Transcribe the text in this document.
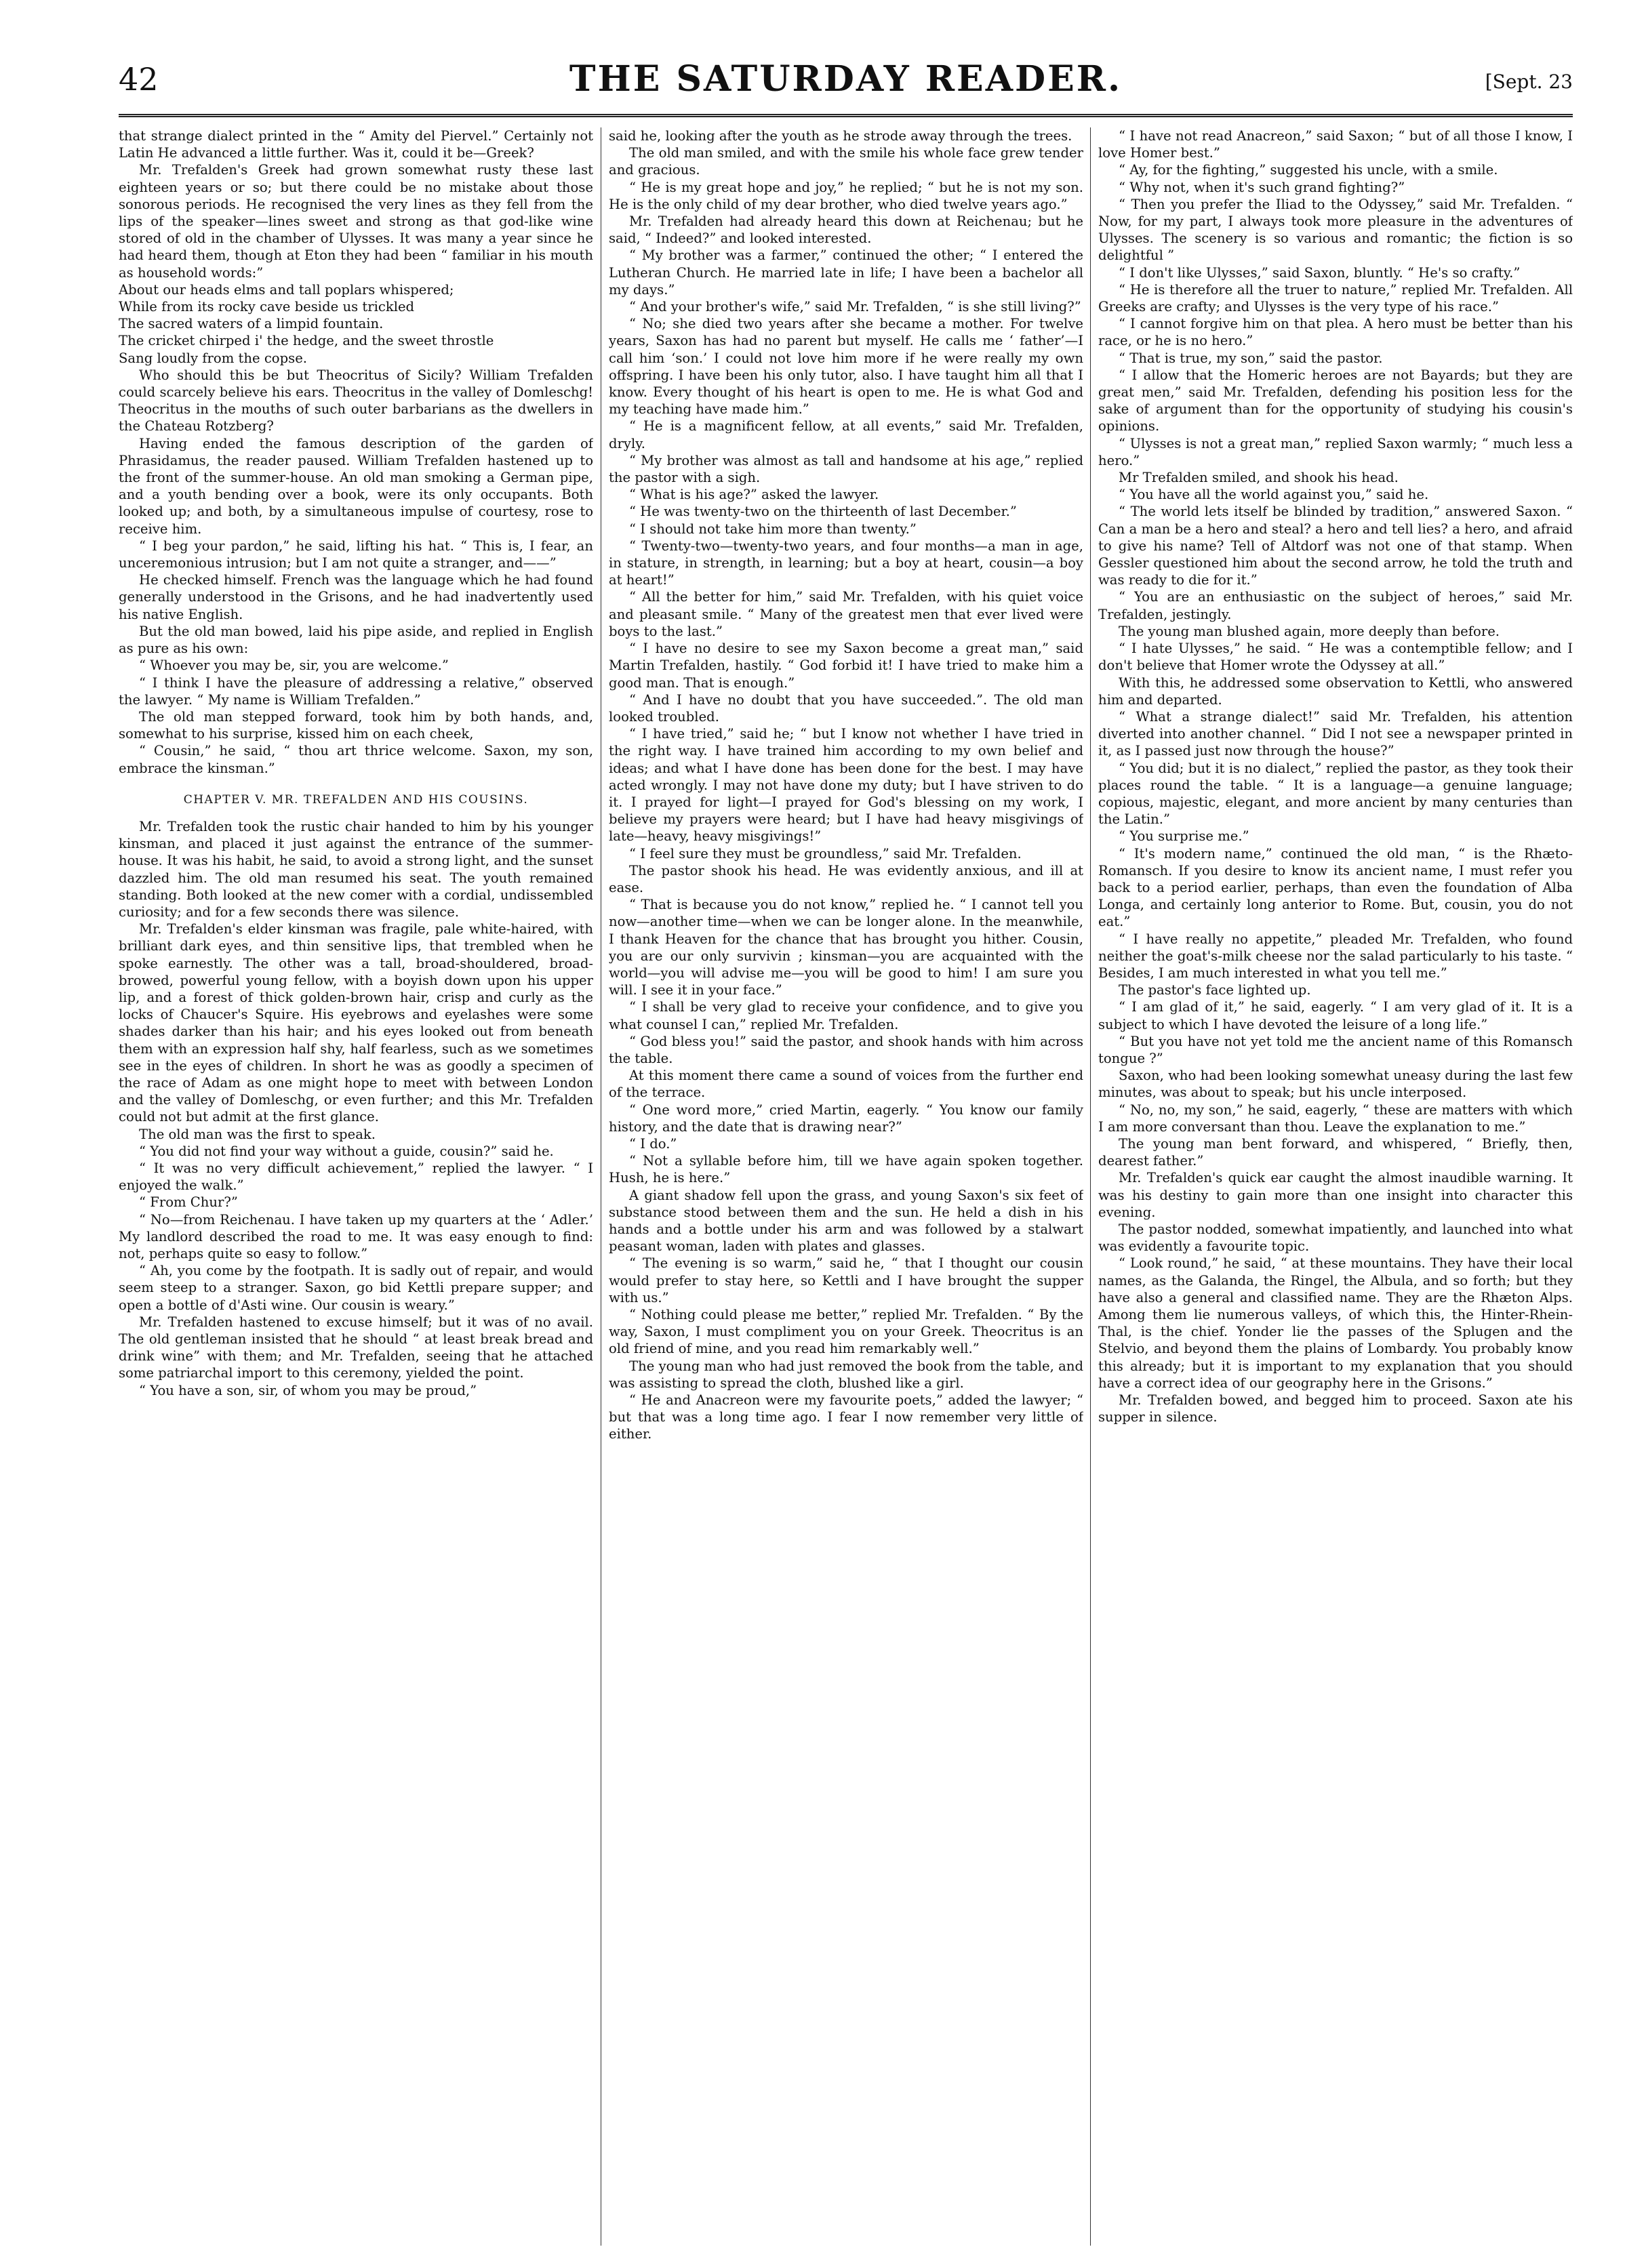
42	THE SATURDAY READER.	[Sept. 23

that strange dialect printed in the “ Amity del Piervel.” Certainly not Latin He advanced a little further. Was it, could it be—Greek?

Mr. Trefalden's Greek had grown somewhat rusty these last eighteen years or so; but there could be no mistake about those sonorous periods. He recognised the very lines as they fell from the lips of the speaker—lines sweet and strong as that god-like wine stored of old in the chamber of Ulysses. It was many a year since he had heard them, though at Eton they had been “ familiar in his mouth as household words:”

About our heads elms and tall poplars whispered;

While from its rocky cave beside us trickled

The sacred waters of a limpid fountain.

The cricket chirped i' the hedge, and the sweet throstle

Sang loudly from the copse.

Who should this be but Theocritus of Sicily? William Trefalden could scarcely believe his ears. Theocritus in the valley of Domleschg! Theocritus in the mouths of such outer barbarians as the dwellers in the Chateau Rotzberg?

Having ended the famous description of the garden of Phrasidamus, the reader paused. William Trefalden hastened up to the front of the summer-house. An old man smoking a German pipe, and a youth bending over a book, were its only occupants. Both looked up; and both, by a simultaneous impulse of courtesy, rose to receive him.

“ I beg your pardon,” he said, lifting his hat. “ This is, I fear, an unceremonious intrusion; but I am not quite a stranger, and——”

He checked himself. French was the language which he had found generally understood in the Grisons, and he had inadvertently used his native English.

But the old man bowed, laid his pipe aside, and replied in English as pure as his own:

“ Whoever you may be, sir, you are welcome.”

“ I think I have the pleasure of addressing a relative,” observed the lawyer. “ My name is William Trefalden.”

The old man stepped forward, took him by both hands, and, somewhat to his surprise, kissed him on each cheek,

“ Cousin,” he said, “ thou art thrice welcome. Saxon, my son, embrace the kinsman.”

CHAPTER V. MR. TREFALDEN AND HIS COUSINS.

Mr. Trefalden took the rustic chair handed to him by his younger kinsman, and placed it just against the entrance of the summer-house. It was his habit, he said, to avoid a strong light, and the sunset dazzled him. The old man resumed his seat. The youth remained standing. Both looked at the new comer with a cordial, undissembled curiosity; and for a few seconds there was silence.

Mr. Trefalden's elder kinsman was fragile, pale white-haired, with brilliant dark eyes, and thin sensitive lips, that trembled when he spoke earnestly. The other was a tall, broad-shouldered, broad-browed, powerful young fellow, with a boyish down upon his upper lip, and a forest of thick golden-brown hair, crisp and curly as the locks of Chaucer's Squire. His eyebrows and eyelashes were some shades darker than his hair; and his eyes looked out from beneath them with an expression half shy, half fearless, such as we sometimes see in the eyes of children. In short he was as goodly a specimen of the race of Adam as one might hope to meet with between London and the valley of Domleschg, or even further; and this Mr. Trefalden could not but admit at the first glance.

The old man was the first to speak.

“ You did not find your way without a guide, cousin?” said he.

“ It was no very difficult achievement,” replied the lawyer. “ I enjoyed the walk.”

“ From Chur?”

“ No—from Reichenau. I have taken up my quarters at the ‘ Adler.’ My landlord described the road to me. It was easy enough to find: not, perhaps quite so easy to follow.”

“ Ah, you come by the footpath. It is sadly out of repair, and would seem steep to a stranger. Saxon, go bid Kettli prepare supper; and open a bottle of d'Asti wine. Our cousin is weary.”

Mr. Trefalden hastened to excuse himself; but it was of no avail. The old gentleman insisted that he should “ at least break bread and drink wine” with them; and Mr. Trefalden, seeing that he attached some patriarchal import to this ceremony, yielded the point.

“ You have a son, sir, of whom you may be proud,”

said he, looking after the youth as he strode away through the trees.

The old man smiled, and with the smile his whole face grew tender and gracious.

“ He is my great hope and joy,” he replied; “ but he is not my son. He is the only child of my dear brother, who died twelve years ago.”

Mr. Trefalden had already heard this down at Reichenau; but he said, “ Indeed?” and looked interested.

“ My brother was a farmer,” continued the other; “ I entered the Lutheran Church. He married late in life; I have been a bachelor all my days.”

“ And your brother's wife,” said Mr. Trefalden, “ is she still living?”

“ No; she died two years after she became a mother. For twelve years, Saxon has had no parent but myself. He calls me ‘ father’—I call him ‘son.’ I could not love him more if he were really my own offspring. I have been his only tutor, also. I have taught him all that I know. Every thought of his heart is open to me. He is what God and my teaching have made him.”

“ He is a magnificent fellow, at all events,” said Mr. Trefalden, dryly.

“ My brother was almost as tall and handsome at his age,” replied the pastor with a sigh.

“ What is his age?” asked the lawyer.

“ He was twenty-two on the thirteenth of last December.”

“ I should not take him more than twenty.”

“ Twenty-two—twenty-two years, and four months—a man in age, in stature, in strength, in learning; but a boy at heart, cousin—a boy at heart!”

“ All the better for him,” said Mr. Trefalden, with his quiet voice and pleasant smile. “ Many of the greatest men that ever lived were boys to the last.”

“ I have no desire to see my Saxon become a great man,” said Martin Trefalden, hastily. “ God forbid it! I have tried to make him a good man. That is enough.”

“ And I have no doubt that you have succeeded.”. The old man looked troubled.

“ I have tried,” said he; “ but I know not whether I have tried in the right way. I have trained him according to my own belief and ideas; and what I have done has been done for the best. I may have acted wrongly. I may not have done my duty; but I have striven to do it. I prayed for light—I prayed for God's blessing on my work, I believe my prayers were heard; but I have had heavy misgivings of late—heavy, heavy misgivings!”

“ I feel sure they must be groundless,” said Mr. Trefalden.

The pastor shook his head. He was evidently anxious, and ill at ease.

“ That is because you do not know,” replied he. “ I cannot tell you now—another time—when we can be longer alone. In the meanwhile, I thank Heaven for the chance that has brought you hither. Cousin, you are our only survivin ; kinsman—you are acquainted with the world—you will advise me—you will be good to him! I am sure you will. I see it in your face.”

“ I shall be very glad to receive your confidence, and to give you what counsel I can,” replied Mr. Trefalden.

“ God bless you!” said the pastor, and shook hands with him across the table.

At this moment there came a sound of voices from the further end of the terrace.

“ One word more,” cried Martin, eagerly. “ You know our family history, and the date that is drawing near?”

“ I do.”

“ Not a syllable before him, till we have again spoken together. Hush, he is here.”

A giant shadow fell upon the grass, and young Saxon's six feet of substance stood between them and the sun. He held a dish in his hands and a bottle under his arm and was followed by a stalwart peasant woman, laden with plates and glasses.

“ The evening is so warm,” said he, “ that I thought our cousin would prefer to stay here, so Kettli and I have brought the supper with us.”

“ Nothing could please me better,” replied Mr. Trefalden. “ By the way, Saxon, I must compliment you on your Greek. Theocritus is an old friend of mine, and you read him remarkably well.”

The young man who had just removed the book from the table, and was assisting to spread the cloth, blushed like a girl.

“ He and Anacreon were my favourite poets,” added the lawyer; “ but that was a long time ago. I fear I now remember very little of either.

“ I have not read Anacreon,” said Saxon; “ but of all those I know, I love Homer best.”

“ Ay, for the fighting,” suggested his uncle, with a smile.

“ Why not, when it's such grand fighting?”

“ Then you prefer the Iliad to the Odyssey,” said Mr. Trefalden. “ Now, for my part, I always took more pleasure in the adventures of Ulysses. The scenery is so various and romantic; the fiction is so delightful ”

“ I don't like Ulysses,” said Saxon, bluntly. “ He's so crafty.”

“ He is therefore all the truer to nature,” replied Mr. Trefalden. All Greeks are crafty; and Ulysses is the very type of his race.”

“ I cannot forgive him on that plea. A hero must be better than his race, or he is no hero.”

“ That is true, my son,” said the pastor.

“ I allow that the Homeric heroes are not Bayards; but they are great men,” said Mr. Trefalden, defending his position less for the sake of argument than for the opportunity of studying his cousin's opinions.

“ Ulysses is not a great man,” replied Saxon warmly; “ much less a hero.”

Mr Trefalden smiled, and shook his head.

“ You have all the world against you,” said he.

“ The world lets itself be blinded by tradition,” answered Saxon. “ Can a man be a hero and steal? a hero and tell lies? a hero, and afraid to give his name? Tell of Altdorf was not one of that stamp. When Gessler questioned him about the second arrow, he told the truth and was ready to die for it.”

“ You are an enthusiastic on the subject of heroes,” said Mr. Trefalden, jestingly.

The young man blushed again, more deeply than before.

“ I hate Ulysses,” he said. “ He was a contemptible fellow; and I don't believe that Homer wrote the Odyssey at all.”

With this, he addressed some observation to Kettli, who answered him and departed.

“ What a strange dialect!” said Mr. Trefalden, his attention diverted into another channel. “ Did I not see a newspaper printed in it, as I passed just now through the house?”

“ You did; but it is no dialect,” replied the pastor, as they took their places round the table. “ It is a language—a genuine language; copious, majestic, elegant, and more ancient by many centuries than the Latin.”

“ You surprise me.”

“ It's modern name,” continued the old man, “ is the Rhæto-Romansch. If you desire to know its ancient name, I must refer you back to a period earlier, perhaps, than even the foundation of Alba Longa, and certainly long anterior to Rome. But, cousin, you do not eat.”

“ I have really no appetite,” pleaded Mr. Trefalden, who found neither the goat's-milk cheese nor the salad particularly to his taste. “ Besides, I am much interested in what you tell me.”

The pastor's face lighted up.

“ I am glad of it,” he said, eagerly. “ I am very glad of it. It is a subject to which I have devoted the leisure of a long life.”

“ But you have not yet told me the ancient name of this Romansch tongue ?”

Saxon, who had been looking somewhat uneasy during the last few minutes, was about to speak; but his uncle interposed.

“ No, no, my son,” he said, eagerly, “ these are matters with which I am more conversant than thou. Leave the explanation to me.”

The young man bent forward, and whispered, “ Briefly, then, dearest father.”

Mr. Trefalden's quick ear caught the almost inaudible warning. It was his destiny to gain more than one insight into character this evening.

The pastor nodded, somewhat impatiently, and launched into what was evidently a favourite topic.

“ Look round,” he said, “ at these mountains. They have their local names, as the Galanda, the Ringel, the Albula, and so forth; but they have also a general and classified name. They are the Rhæton Alps. Among them lie numerous valleys, of which this, the Hinter-Rhein-Thal, is the chief. Yonder lie the passes of the Splugen and the Stelvio, and beyond them the plains of Lombardy. You probably know this already; but it is important to my explanation that you should have a correct idea of our geography here in the Grisons.”

Mr. Trefalden bowed, and begged him to proceed. Saxon ate his supper in silence.
